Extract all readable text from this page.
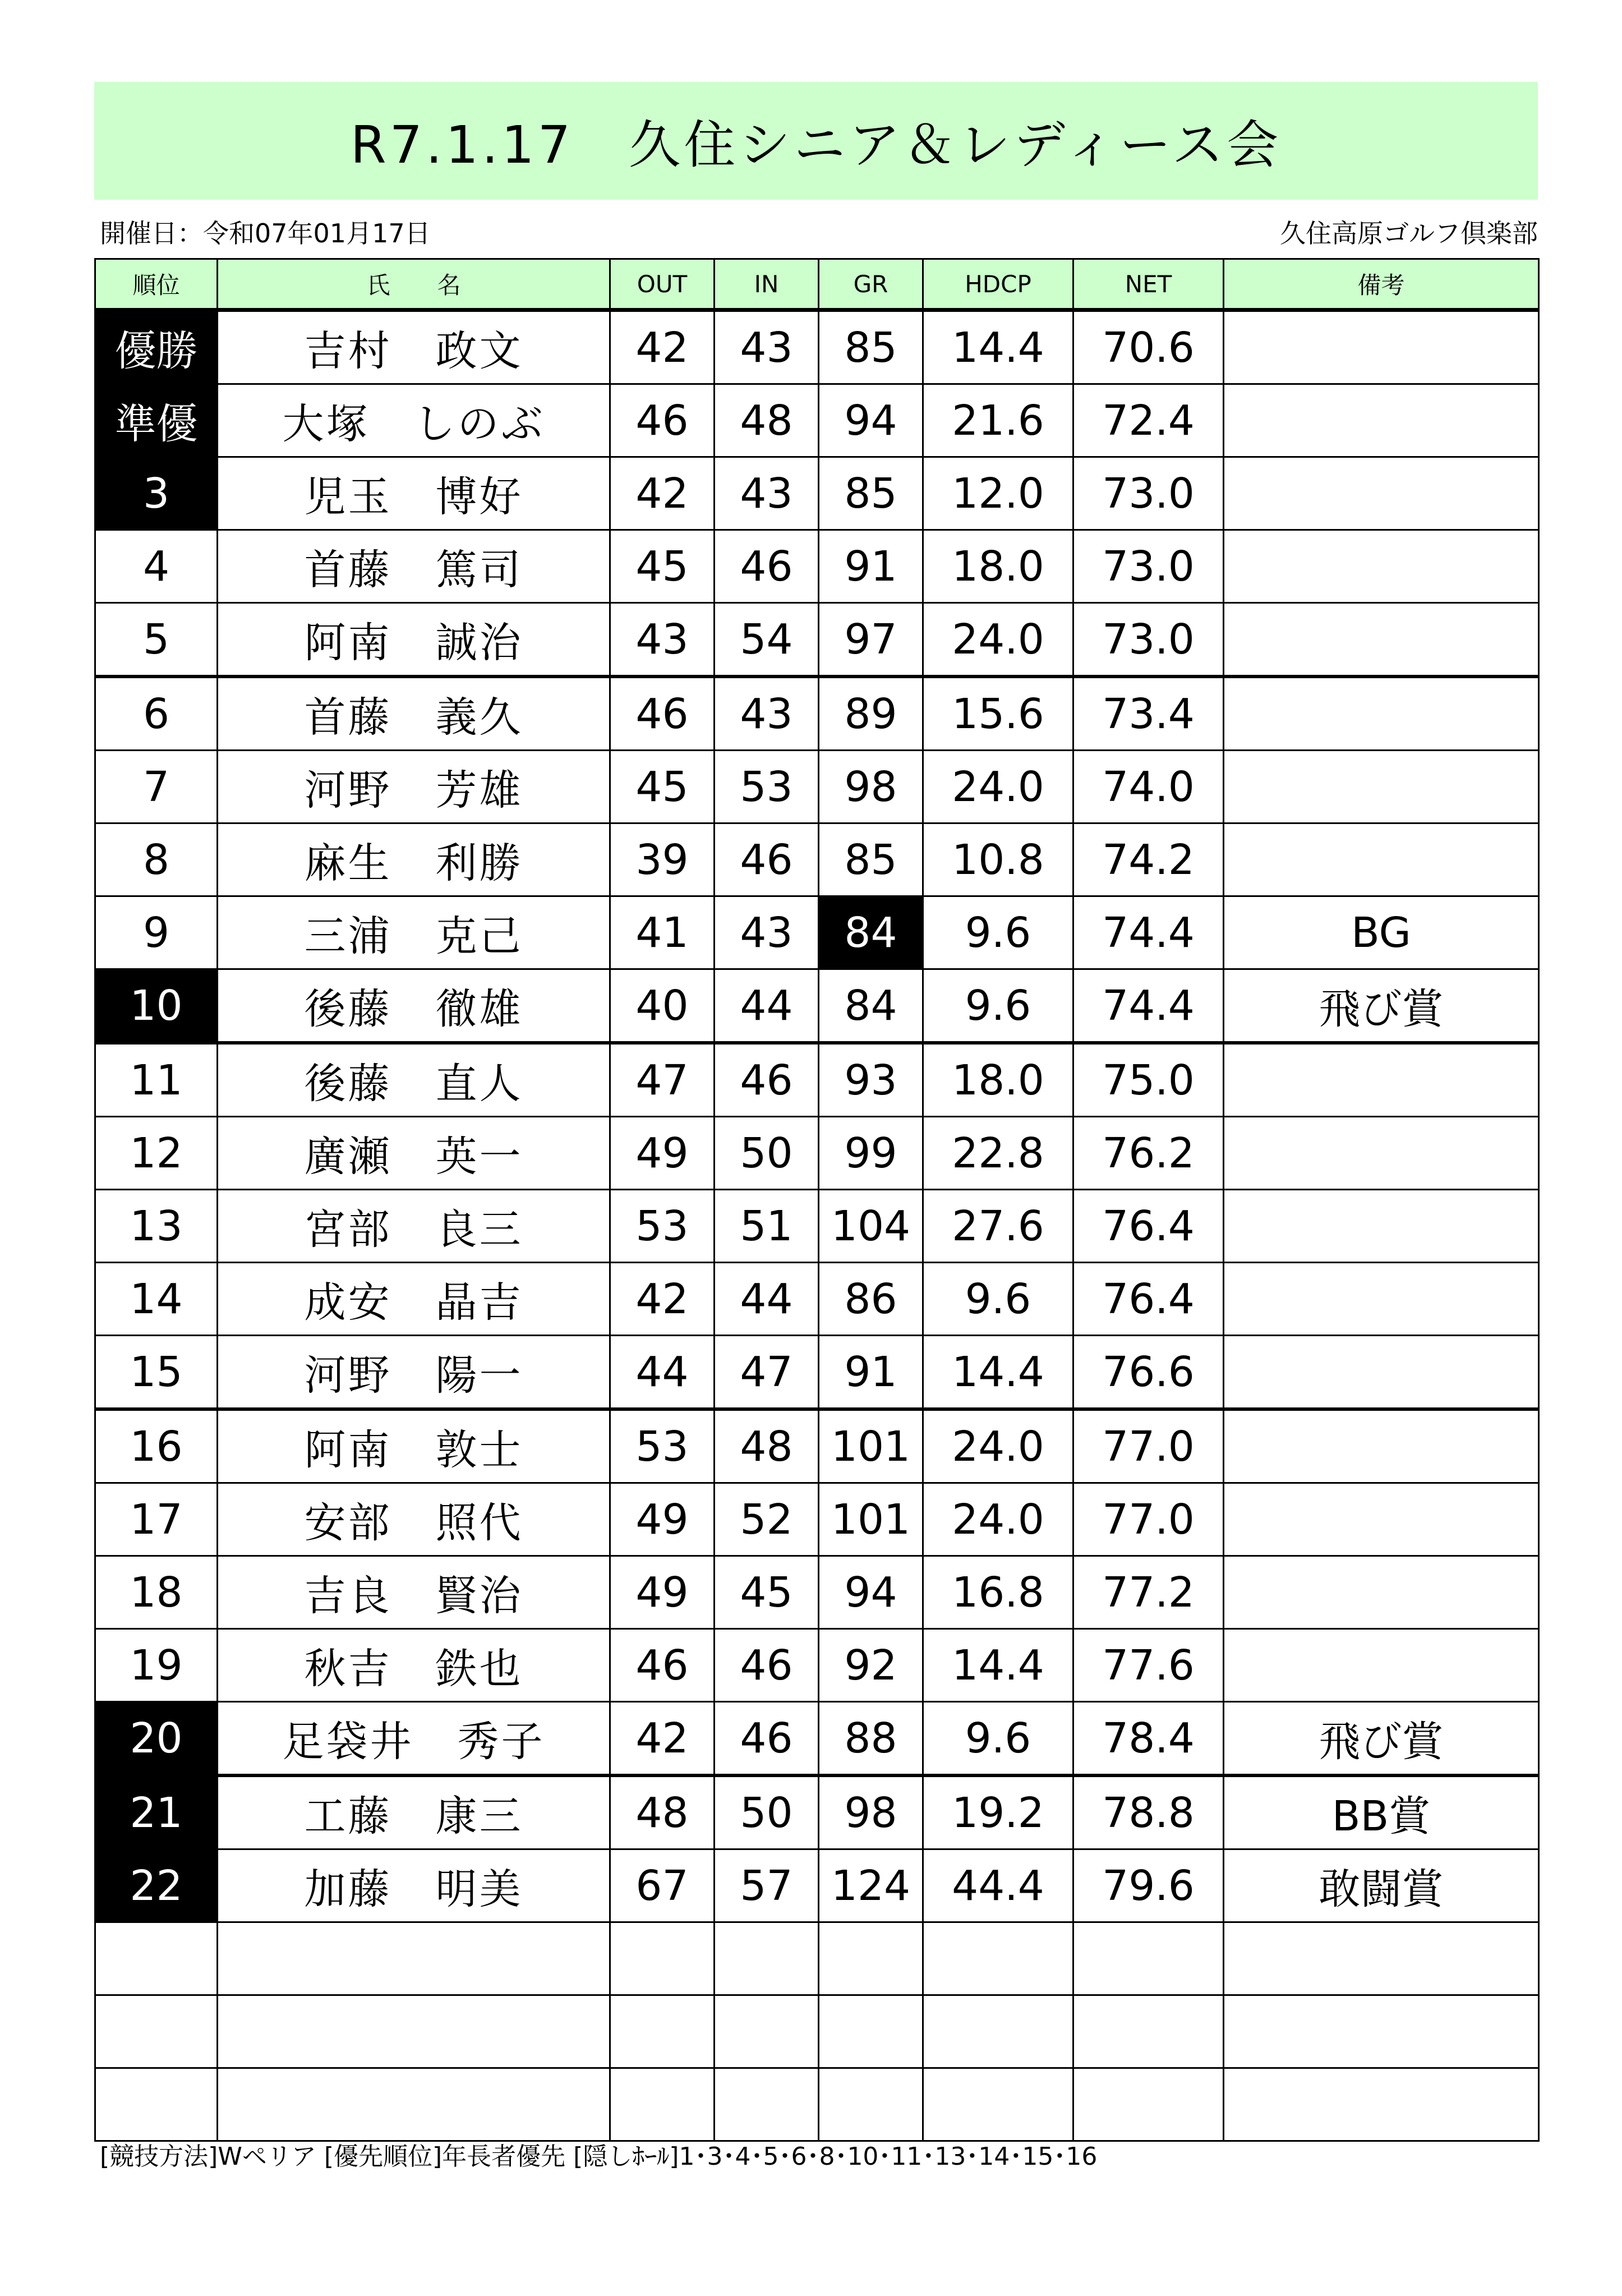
R7.1.17　久住シニア＆レディース会
開催日：令和07年01月17日	久住高原ゴルフ倶楽部
順位	氏　　名	OUT	IN	GR	HDCP	NET	備考
優勝	吉村　政文	42	43	85	14.4	70.6	
準優	大塚　しのぶ	46	48	94	21.6	72.4	
3	児玉　博好	42	43	85	12.0	73.0	
4	首藤　篤司	45	46	91	18.0	73.0	
5	阿南　誠治	43	54	97	24.0	73.0	
6	首藤　義久	46	43	89	15.6	73.4	
7	河野　芳雄	45	53	98	24.0	74.0	
8	麻生　利勝	39	46	85	10.8	74.2	
9	三浦　克己	41	43	84	9.6	74.4	BG
10	後藤　徹雄	40	44	84	9.6	74.4	飛び賞
11	後藤　直人	47	46	93	18.0	75.0	
12	廣瀬　英一	49	50	99	22.8	76.2	
13	宮部　良三	53	51	104	27.6	76.4	
14	成安　晶吉	42	44	86	9.6	76.4	
15	河野　陽一	44	47	91	14.4	76.6	
16	阿南　敦士	53	48	101	24.0	77.0	
17	安部　照代	49	52	101	24.0	77.0	
18	吉良　賢治	49	45	94	16.8	77.2	
19	秋吉　鉄也	46	46	92	14.4	77.6	
20	足袋井　秀子	42	46	88	9.6	78.4	飛び賞
21	工藤　康三	48	50	98	19.2	78.8	BB賞
22	加藤　明美	67	57	124	44.4	79.6	敢闘賞

[競技方法]Wペリア [優先順位]年長者優先 [隠しﾎｰﾙ]1･3･4･5･6･8･10･11･13･14･15･16
